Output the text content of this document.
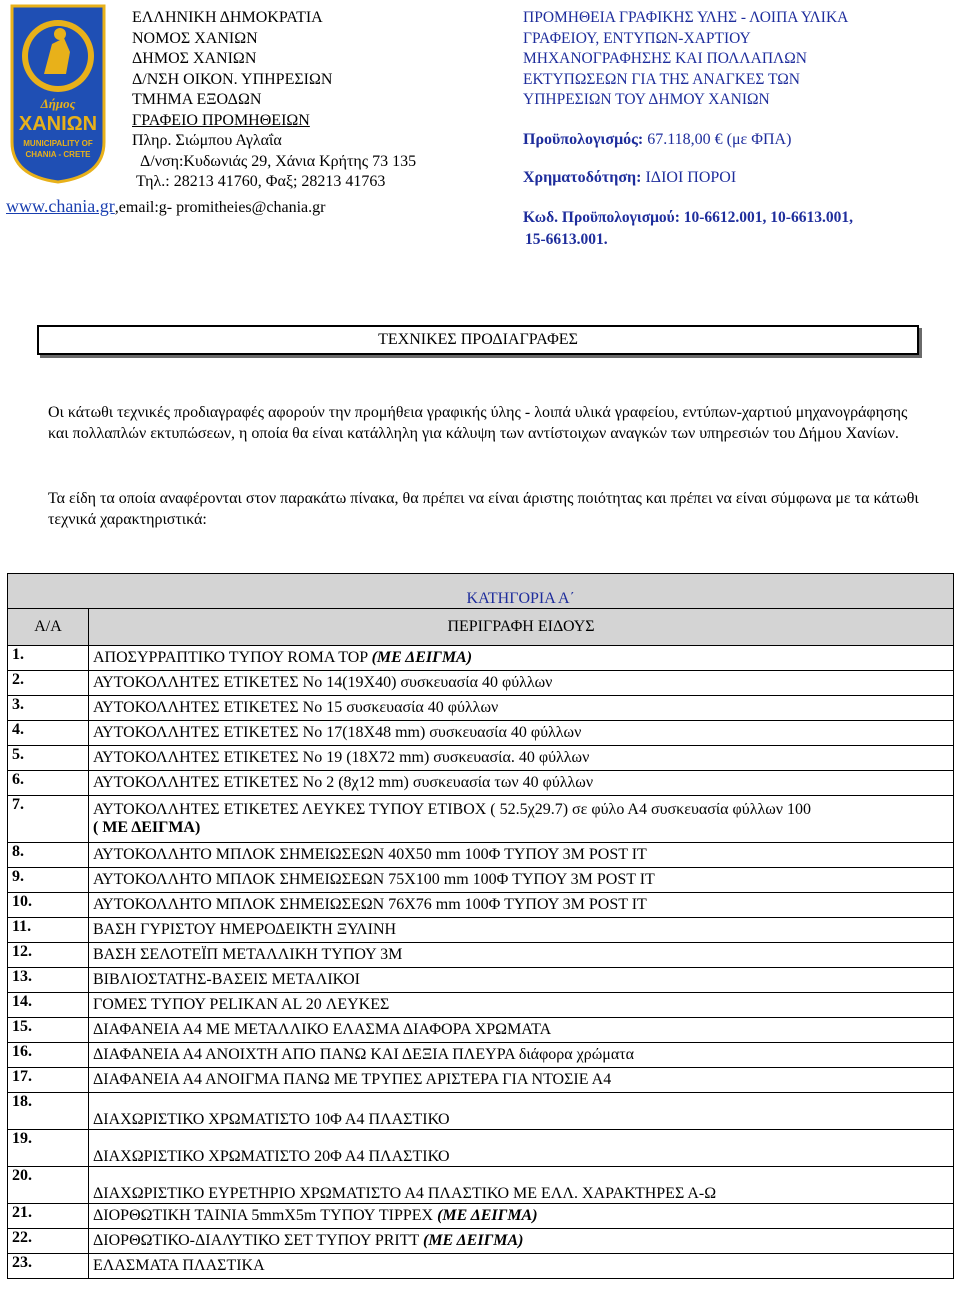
Δήμος
ΧΑΝΙΩΝ
MUNICIPALITY OF
CHANIA - CRETE
ΕΛΛΗΝΙΚΗ ΔΗΜΟΚΡΑΤΙΑ
ΝΟΜΟΣ ΧΑΝΙΩΝ
ΔΗΜΟΣ ΧΑΝΙΩΝ
Δ/ΝΣΗ ΟΙΚΟΝ. ΥΠΗΡΕΣΙΩΝ
ΤΜΗΜΑ ΕΞΟΔΩΝ
ΓΡΑΦΕΙΟ ΠΡΟΜΗΘΕΙΩΝ
Πληρ. Σιώμπου Αγλαΐα
Δ/νση:Κυδωνιάς 29, Χάνια Κρήτης 73 135
Τηλ.: 28213 41760, Φαξ; 28213 41763
www.chania.gr,email:g- promitheies@chania.gr
ΠΡΟΜΗΘΕΙΑ ΓΡΑΦΙΚΗΣ ΥΛΗΣ - ΛΟΙΠΑ ΥΛΙΚΑ
ΓΡΑΦΕΙΟΥ, ΕΝΤΥΠΩΝ-ΧΑΡΤΙΟΥ
ΜΗΧΑΝΟΓΡΑΦΗΣΗΣ ΚΑΙ ΠΟΛΛΑΠΛΩΝ
ΕΚΤΥΠΩΣΕΩΝ ΓΙΑ ΤΗΣ ΑΝΑΓΚΕΣ ΤΩΝ
ΥΠΗΡΕΣΙΩΝ ΤΟΥ ΔΗΜΟΥ ΧΑΝΙΩΝ
Προϋπολογισμός: 67.118,00 € (με ΦΠΑ)
Χρηματοδότηση: ΙΔΙΟΙ ΠΟΡΟΙ
Κωδ. Προϋπολογισμού: 10-6612.001, 10-6613.001,
15-6613.001.
ΤΕΧΝΙΚΕΣ ΠΡΟΔΙΑΓΡΑΦΕΣ
Οι κάτωθι τεχνικές προδιαγραφές αφορούν την προμήθεια γραφικής ύλης - λοιπά υλικά γραφείου, εντύπων-χαρτιού μηχανογράφησης και πολλαπλών εκτυπώσεων, η οποία θα είναι κατάλληλη για κάλυψη των αντίστοιχων αναγκών των υπηρεσιών του Δήμου Χανίων.
Τα είδη τα οποία αναφέρονται στον παρακάτω πίνακα, θα πρέπει να είναι άριστης ποιότητας και πρέπει να είναι σύμφωνα με τα κάτωθι τεχνικά χαρακτηριστικά:
	ΚΑΤΗΓΟΡΙΑ Α΄
Α/Α	ΠΕΡΙΓΡΑΦΗ ΕΙΔΟΥΣ
1.	ΑΠΟΣΥΡΡΑΠΤΙΚΟ ΤΥΠΟΥ ROMA TOP (ΜΕ ΔΕΙΓΜΑ)
2.	ΑΥΤΟΚΟΛΛΗΤΕΣ ΕΤΙΚΕΤΕΣ Νο 14(19Χ40) συσκευασία 40 φύλλων
3.	ΑΥΤΟΚΟΛΛΗΤΕΣ ΕΤΙΚΕΤΕΣ Νο 15 συσκευασία 40 φύλλων
4.	ΑΥΤΟΚΟΛΛΗΤΕΣ ΕΤΙΚΕΤΕΣ Νο 17(18Χ48 mm) συσκευασία 40 φύλλων
5.	ΑΥΤΟΚΟΛΛΗΤΕΣ ΕΤΙΚΕΤΕΣ Νο 19 (18Χ72 mm) συσκευασία. 40 φύλλων
6.	ΑΥΤΟΚΟΛΛΗΤΕΣ ΕΤΙΚΕΤΕΣ Νο 2 (8χ12 mm) συσκευασία των 40 φύλλων
7.	ΑΥΤΟΚΟΛΛΗΤΕΣ ΕΤΙΚΕΤΕΣ ΛΕΥΚΕΣ ΤΥΠΟΥ ΕΤΙΒΟΧ ( 52.5χ29.7) σε φύλο Α4 συσκευασία φύλλων 100
( ΜΕ ΔΕΙΓΜΑ)
8.	ΑΥΤΟΚΟΛΛΗΤΟ ΜΠΛΟΚ ΣΗΜΕΙΩΣΕΩΝ 40Χ50 mm 100Φ ΤΥΠΟΥ 3Μ POST IT
9.	ΑΥΤΟΚΟΛΛΗΤΟ ΜΠΛΟΚ ΣΗΜΕΙΩΣΕΩΝ 75Χ100 mm 100Φ ΤΥΠΟΥ 3Μ POST IT
10.	ΑΥΤΟΚΟΛΛΗΤΟ ΜΠΛΟΚ ΣΗΜΕΙΩΣΕΩΝ 76Χ76 mm 100Φ ΤΥΠΟΥ 3Μ POST IT
11.	ΒΑΣΗ ΓΥΡΙΣΤΟΥ ΗΜΕΡΟΔΕΙΚΤΗ ΞΥΛΙΝΗ
12.	ΒΑΣΗ ΣΕΛΟΤΕΪΠ ΜΕΤΑΛΛΙΚΗ ΤΥΠΟΥ 3Μ
13.	ΒΙΒΛΙΟΣΤΑΤΗΣ-ΒΑΣΕΙΣ ΜΕΤΑΛΙΚΟΙ
14.	ΓΟΜΕΣ ΤΥΠΟΥ PELIKAN AL 20 ΛΕΥΚΕΣ
15.	ΔΙΑΦΑΝΕΙΑ Α4 ΜΕ ΜΕΤΑΛΛΙΚΟ ΕΛΑΣΜΑ ΔΙΑΦΟΡΑ ΧΡΩΜΑΤΑ
16.	ΔΙΑΦΑΝΕΙΑ Α4 ΑΝΟΙΧΤΗ ΑΠΟ ΠΑΝΩ ΚΑΙ ΔΕΞΙΑ ΠΛΕΥΡΑ διάφορα χρώματα
17.	ΔΙΑΦΑΝΕΙΑ Α4 ΑΝΟΙΓΜΑ ΠΑΝΩ ΜΕ ΤΡΥΠΕΣ ΑΡΙΣΤΕΡΑ ΓΙΑ ΝΤΟΣΙΕ Α4
18.	ΔΙΑΧΩΡΙΣΤΙΚΟ ΧΡΩΜΑΤΙΣΤΟ 10Φ Α4 ΠΛΑΣΤΙΚΟ
19.	ΔΙΑΧΩΡΙΣΤΙΚΟ ΧΡΩΜΑΤΙΣΤΟ 20Φ Α4 ΠΛΑΣΤΙΚΟ
20.	ΔΙΑΧΩΡΙΣΤΙΚΟ ΕΥΡΕΤΗΡΙΟ ΧΡΩΜΑΤΙΣΤΟ Α4 ΠΛΑΣΤΙΚΟ ΜΕ ΕΛΛ. ΧΑΡΑΚΤΗΡΕΣ Α-Ω
21.	ΔΙΟΡΘΩΤΙΚΗ ΤΑΙΝΙΑ 5mmX5m ΤΥΠΟΥ TIPPEX (ΜΕ ΔΕΙΓΜΑ)
22.	ΔΙΟΡΘΩΤΙΚΟ-ΔΙΑΛΥΤΙΚΟ ΣΕΤ ΤΥΠΟΥ PRITT (ΜΕ ΔΕΙΓΜΑ)
23.	ΕΛΑΣΜΑΤΑ ΠΛΑΣΤΙΚΑ
